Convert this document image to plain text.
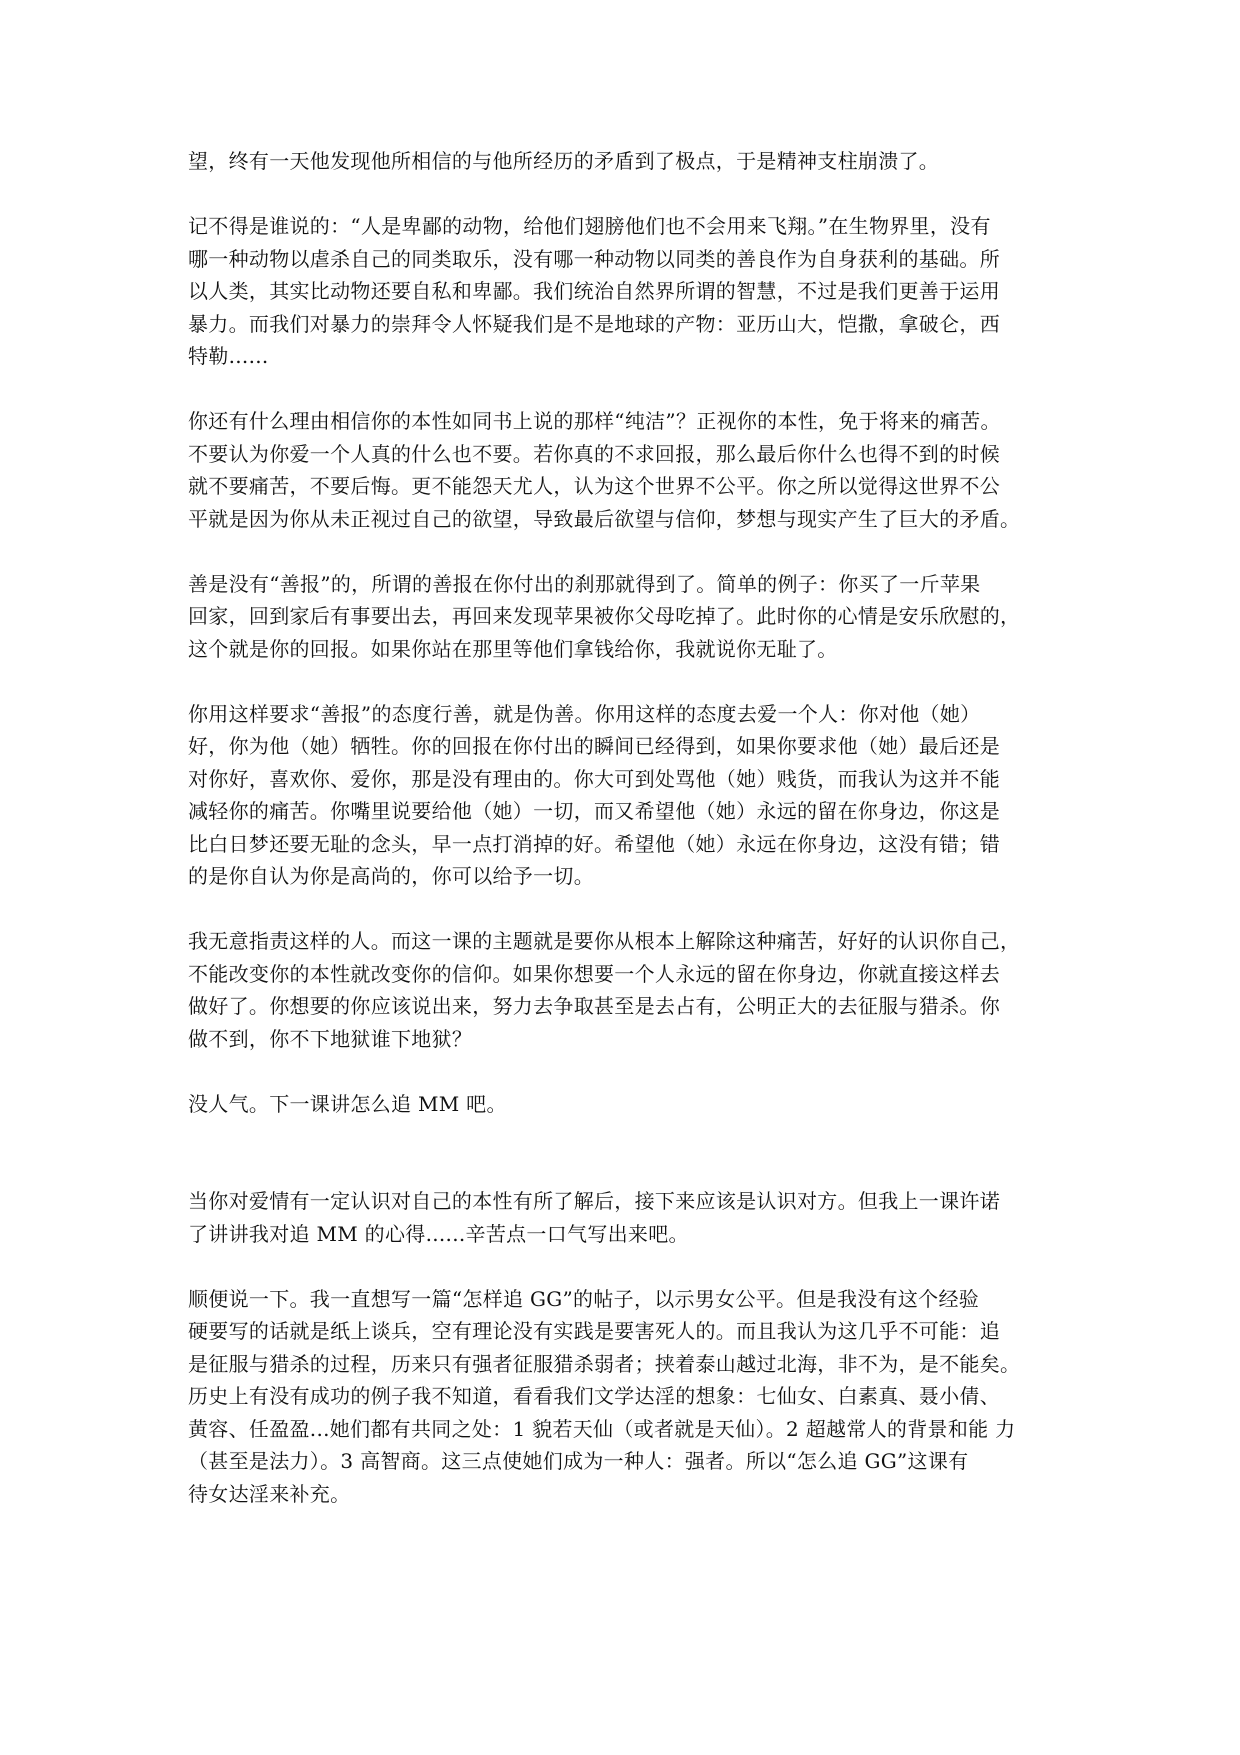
望，终有一天他发现他所相信的与他所经历的矛盾到了极点，于是精神支柱崩溃了。
记不得是谁说的：“人是卑鄙的动物，给他们翅膀他们也不会用来飞翔。”在生物界里，没有
哪一种动物以虐杀自己的同类取乐，没有哪一种动物以同类的善良作为自身获利的基础。所
以人类，其实比动物还要自私和卑鄙。我们统治自然界所谓的智慧，不过是我们更善于运用
暴力。而我们对暴力的崇拜令人怀疑我们是不是地球的产物：亚历山大，恺撒，拿破仑，西
特勒......
你还有什么理由相信你的本性如同书上说的那样“纯洁”？正视你的本性，免于将来的痛苦。
不要认为你爱一个人真的什么也不要。若你真的不求回报，那么最后你什么也得不到的时候
就不要痛苦，不要后悔。更不能怨天尤人，认为这个世界不公平。你之所以觉得这世界不公
平就是因为你从未正视过自己的欲望，导致最后欲望与信仰，梦想与现实产生了巨大的矛盾。
善是没有“善报”的，所谓的善报在你付出的刹那就得到了。简单的例子：你买了一斤苹果
回家，回到家后有事要出去，再回来发现苹果被你父母吃掉了。此时你的心情是安乐欣慰的，
这个就是你的回报。如果你站在那里等他们拿钱给你，我就说你无耻了。
你用这样要求“善报”的态度行善，就是伪善。你用这样的态度去爱一个人：你对他（她）
好，你为他（她）牺牲。你的回报在你付出的瞬间已经得到，如果你要求他（她）最后还是
对你好，喜欢你、爱你，那是没有理由的。你大可到处骂他（她）贱货，而我认为这并不能
减轻你的痛苦。你嘴里说要给他（她）一切，而又希望他（她）永远的留在你身边，你这是
比白日梦还要无耻的念头，早一点打消掉的好。希望他（她）永远在你身边，这没有错；错
的是你自认为你是高尚的，你可以给予一切。
我无意指责这样的人。而这一课的主题就是要你从根本上解除这种痛苦，好好的认识你自己，
不能改变你的本性就改变你的信仰。如果你想要一个人永远的留在你身边，你就直接这样去
做好了。你想要的你应该说出来，努力去争取甚至是去占有，公明正大的去征服与猎杀。你
做不到，你不下地狱谁下地狱？
没人气。下一课讲怎么追 MM 吧。
当你对爱情有一定认识对自己的本性有所了解后，接下来应该是认识对方。但我上一课许诺
了讲讲我对追 MM 的心得......辛苦点一口气写出来吧。
顺便说一下。我一直想写一篇“怎样追 GG”的帖子，以示男女公平。但是我没有这个经验
硬要写的话就是纸上谈兵，空有理论没有实践是要害死人的。而且我认为这几乎不可能：追
是征服与猎杀的过程，历来只有强者征服猎杀弱者；挟着泰山越过北海，非不为，是不能矣。
历史上有没有成功的例子我不知道，看看我们文学达淫的想象：七仙女、白素真、聂小倩、
黄容、任盈盈...她们都有共同之处：1 貌若天仙（或者就是天仙）。2 超越常人的背景和能 力
（甚至是法力）。3 高智商。这三点使她们成为一种人：强者。所以“怎么追 GG”这课有
待女达淫来补充。
